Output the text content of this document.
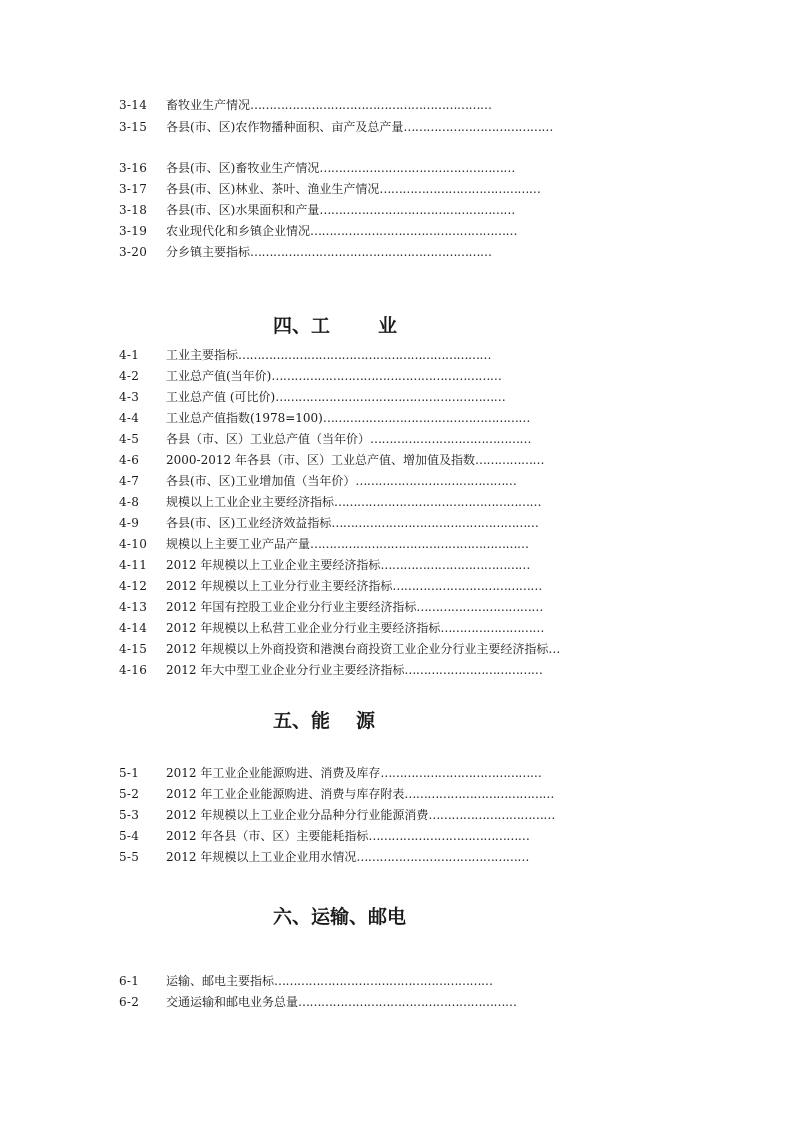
3-14 畜牧业生产情况………………………………………………………
3-15 各县(市、区)农作物播种面积、亩产及总产量…………………………………
3-16 各县(市、区)畜牧业生产情况……………………………………………
3-17 各县(市、区)林业、茶叶、渔业生产情况……………………………………
3-18 各县(市、区)水果面积和产量……………………………………………
3-19 农业现代化和乡镇企业情况………………………………………………
3-20 分乡镇主要指标………………………………………………………
四、工	业
4-1 工业主要指标…………………………………………………………
4-2 工业总产值(当年价)……………………………………………………
4-3 工业总产值 (可比价)……………………………………………………
4-4 工业总产值指数(1978=100)………………………………………………
4-5 各县（市、区）工业总产值（当年价）……………………………………
4-6 2000-2012 年各县（市、区）工业总产值、增加值及指数………………
4-7 各县(市、区)工业增加值（当年价）……………………………………
4-8 规模以上工业企业主要经济指标………………………………………………
4-9 各县(市、区)工业经济效益指标………………………………………………
4-10 规模以上主要工业产品产量…………………………………………………
4-11 2012 年规模以上工业企业主要经济指标…………………………………
4-12 2012 年规模以上工业分行业主要经济指标…………………………………
4-13 2012 年国有控股工业企业分行业主要经济指标……………………………
4-14 2012 年规模以上私营工业企业分行业主要经济指标………………………
4-15 2012 年规模以上外商投资和港澳台商投资工业企业分行业主要经济指标…
4-16 2012 年大中型工业企业分行业主要经济指标………………………………
五、能 源
5-1 2012 年工业企业能源购进、消费及库存……………………………………
5-2 2012 年工业企业能源购进、消费与库存附表…………………………………
5-3 2012 年规模以上工业企业分品种分行业能源消费……………………………
5-4 2012 年各县（市、区）主要能耗指标……………………………………
5-5 2012 年规模以上工业企业用水情况………………………………………
六、运输、邮电
6-1 运输、邮电主要指标…………………………………………………
6-2 交通运输和邮电业务总量…………………………………………………
